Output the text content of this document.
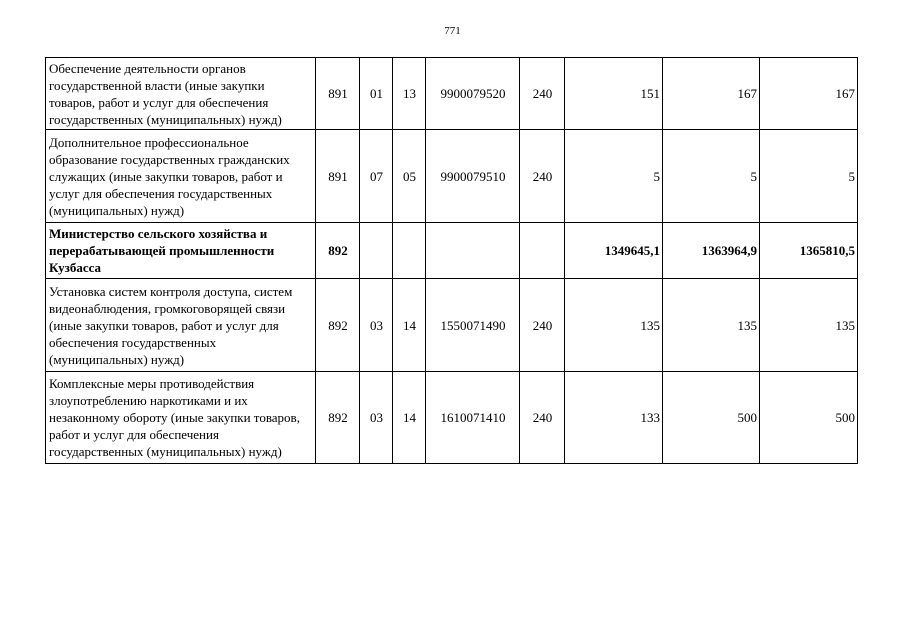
771
Обеспечение деятельности органов государственной власти (иные закупки товаров, работ и услуг для обеспечения государственных (муниципальных) нужд)	891	01	13	9900079520	240	151	167	167
Дополнительное профессиональное образование государственных гражданских служащих (иные закупки товаров, работ и услуг для обеспечения государственных (муниципальных) нужд)	891	07	05	9900079510	240	5	5	5
Министерство сельского хозяйства и перерабатывающей промышленности Кузбасса	892					1349645,1	1363964,9	1365810,5
Установка систем контроля доступа, систем видеонаблюдения, громкоговорящей связи (иные закупки товаров, работ и услуг для обеспечения государственных (муниципальных) нужд)	892	03	14	1550071490	240	135	135	135
Комплексные меры противодействия злоупотреблению наркотиками и их незаконному обороту (иные закупки товаров, работ и услуг для обеспечения государственных (муниципальных) нужд)	892	03	14	1610071410	240	133	500	500
